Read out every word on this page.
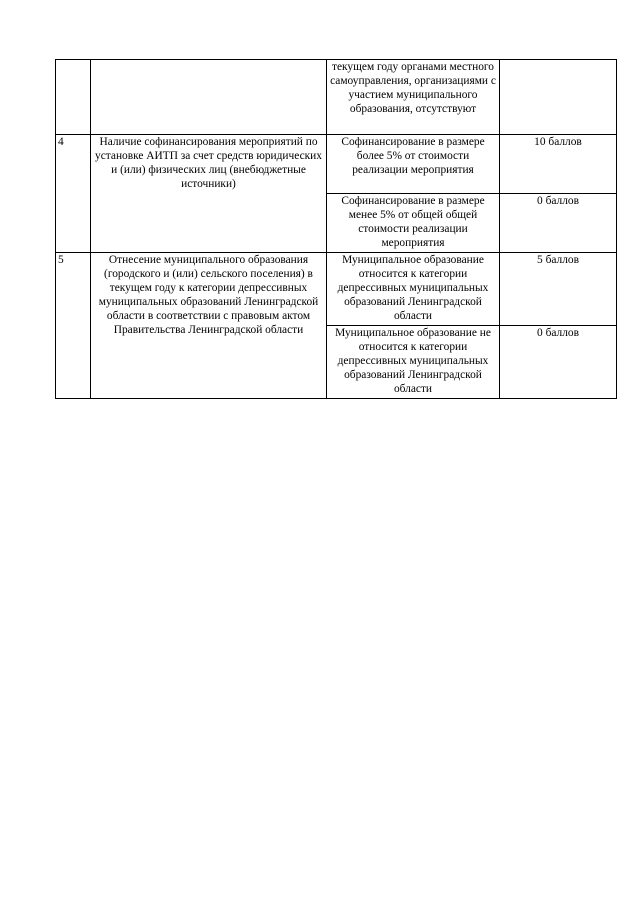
		текущем году органами местного самоуправления, организациями с участием муниципального образования, отсутствуют	
4	Наличие софинансирования мероприятий по установке АИТП за счет средств юридических и (или) физических лиц (внебюджетные источники)	Софинансирование в размере более 5% от стоимости реализации мероприятия	10 баллов
		Софинансирование в размере менее 5% от общей общей стоимости реализации мероприятия	0 баллов
5	Отнесение муниципального образования (городского и (или) сельского поселения) в текущем году к категории депрессивных муниципальных образований Ленинградской области в соответствии с правовым актом Правительства Ленинградской области	Муниципальное образование относится к категории депрессивных муниципальных образований Ленинградской области	5 баллов
		Муниципальное образование не относится к категории депрессивных муниципальных образований Ленинградской области	0 баллов
